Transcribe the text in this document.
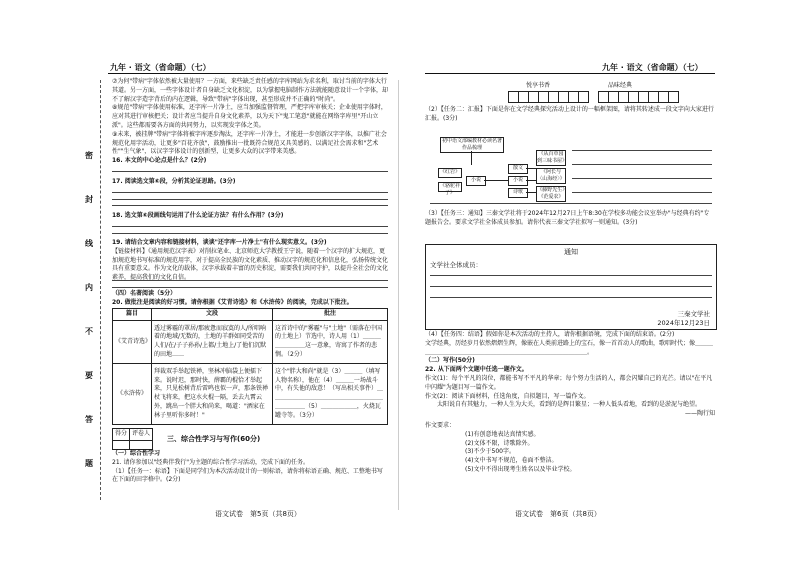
九年 · 语文（省命题）（七）	九年 · 语文（省命题）（七）
密
封
线
内
不
要
答
题

⑦为何"带病"字体依然被大量使用？一方面，来些缺乏责任感的字库网站为求名利，取讨当前的字体大行其道。另一方面，一些字体设计者自身缺乏文化积淀，以为掌握电脑制作方法就能随意设计一个字体，却不了解汉字造字背后的内在逻辑，导致"带病"字体出现，甚至形成并不正确的"时尚"。

⑧规范"带病"字体使用标准，还字库一片净土，应当加强监督管理，严把字库审核关；企业使用字体时，应对其进行审核把关；设计者应当提升自身文化素养，以为天下"鬼工笔意"就能在网络字库里"开山立派"。这些都需要各方面的共同努力，以实现发字体之美。

⑨未来，被挂牌"带病"字体将被字库逐步淘汰，还字库一片净土，才能进一步创新汉字字体，以推广社会规范化用字活动，让更多"百花齐放"，鼓励推出一批既符合规范又具美感的、以满足社会需求和"艺术性""生气象"，以汉字字体设计的创新型，让更多大众的汉字带来美感。

16. 本文的中心论点是什么？(2分)

17. 阅读选文第⑥段，分析其论证思路。(3分)

18. 选文第⑥段画线句运用了什么论证方法？有什么作用？(3分)

19. 请结合文章内容和链接材料，谈谈"还字库一片净土"有什么现实意义。(3分)

【链接材料】《通用规范汉字表》对削拉笔业、北京师范大学教授王宁说，随着一个汉字的扩大规范，更加规范地书写标准的规范用字，对于提高全民族的文化素质、推动汉字的规范化和信息化，弘扬传统文化具有重要意义。作为文化的载体，汉字承载着丰富的历史积淀，需要我们共同守护，以提升全社会的文化素养，提高我们的文化自信。

（四）名著阅读（5分）

20. 做批注是阅读的好习惯。请你根据《艾青诗选》和《水浒传》的阅读，完成以下批注。

篇目	文段	批注
《艾青诗选》	透过雾霾的罩居/那疲惫而寂寞的人/所唱响着的地域/无数的，土地的羊群如同受苦的人们/在/子子孙孙/上都/土地上/了他们沉默的田地……	这首诗中的"雾霾"与"土地"（需落在中国的土地上）节选中，诗人用（1）＿＿＿＿＿＿＿＿这一意象，寄寓了作者的悲悯。（2分）
《水浒传》	拜裁双手举起铁禅，坚林冲脑袋上便擂下来。说时迟，那时快，薛霸的棍恰才举起来，只见松树背后雷鸣也似一声，那条铁禅杖飞将来，把这水火棍一隔，丢去九霄云外，跳出一个胖大和尚来，喝道："洒家在林子里听你多时！"	这个"胖大和尚"就是（3）＿＿＿（填写人物名称），他在（4）＿＿＿一场战斗中，有失他的敌意！（写出相关事件）＿＿＿＿＿＿＿＿＿＿＿＿＿＿＿＿＿＿＿＿＿＿＿＿（5）＿＿＿＿＿＿，火烧瓦罐寺等。（3分）
得分	评卷人

三、综合性学习与写作(60分)

（一）综合性学习

21. 请你参加以"经典伴我行"为主题的综合性学习活动，完成下面的任务。

（1）【任务一：标语】下面是同学们为本次活动设计的一则标语，请你将标语正确、规范、工整地书写在下面的田字格中。(2分)

悦享书香	品味经典

（2）【任务二：汇报】下面是你在文学经典探究活动上设计的一幅框架图，请将其转述成一段文字向大家进行汇报。(3分)

初中语文部编教材必读名著作品梳理
《红岩》
《骆驼祥子》
小说
散文
小说
诗歌
《从百草园到三味书屋》
《阿长与〈山海经〉》
《藤野先生》《范爱农》

（3）【任务三：通知】三秦文学社将于2024年12月27日上午8:30在学校多功能会议室举办"与经典有约"专题报告会。要求文学社全体成员参加。请你代表三秦文学社拟写一则通知。(3分)

通知
文学社全体成员：
三秦文学社
2024年12月23日

（4）【任务四：结语】假如你是本次活动的主持人，请你根据语境，完成下面的结束语。(2分)

文学经典，历经岁月依然熠熠生辉，像嵌在人类前进路上的宝石，像一首首动人的歌曲，歌唱时代；像＿＿＿＿＿＿＿＿＿＿＿＿＿＿＿＿＿＿＿＿＿＿＿＿＿＿＿＿＿＿。

（二）写作(50分)

22. 从下面两个文题中任选一题作文。

作文(1)：每个平凡的岗位，都能书写不平凡的华章；每个努力生活的人，都会闪耀自己的光芒。请以"在平凡中闪耀"为题目写一篇作文。

作文(2)：阅读下面材料，任选角度，自拟题目，写一篇作文。

太阳说自有其魅力，一种人生为大关，看到的是辉目繁星；一种人低头看地，看到的是淤泥与绝望。

——陶行知

作文要求：

(1)有创意地表达真情实感。

(2)文体不限，诗歌除外。

(3)不少于500字。

(4)文中书写不规范，卷面不整洁。

(5)文中不得出现考生姓名以及毕业学校。

语文试卷　第5页（共8页）	语文试卷　第6页（共8页）
